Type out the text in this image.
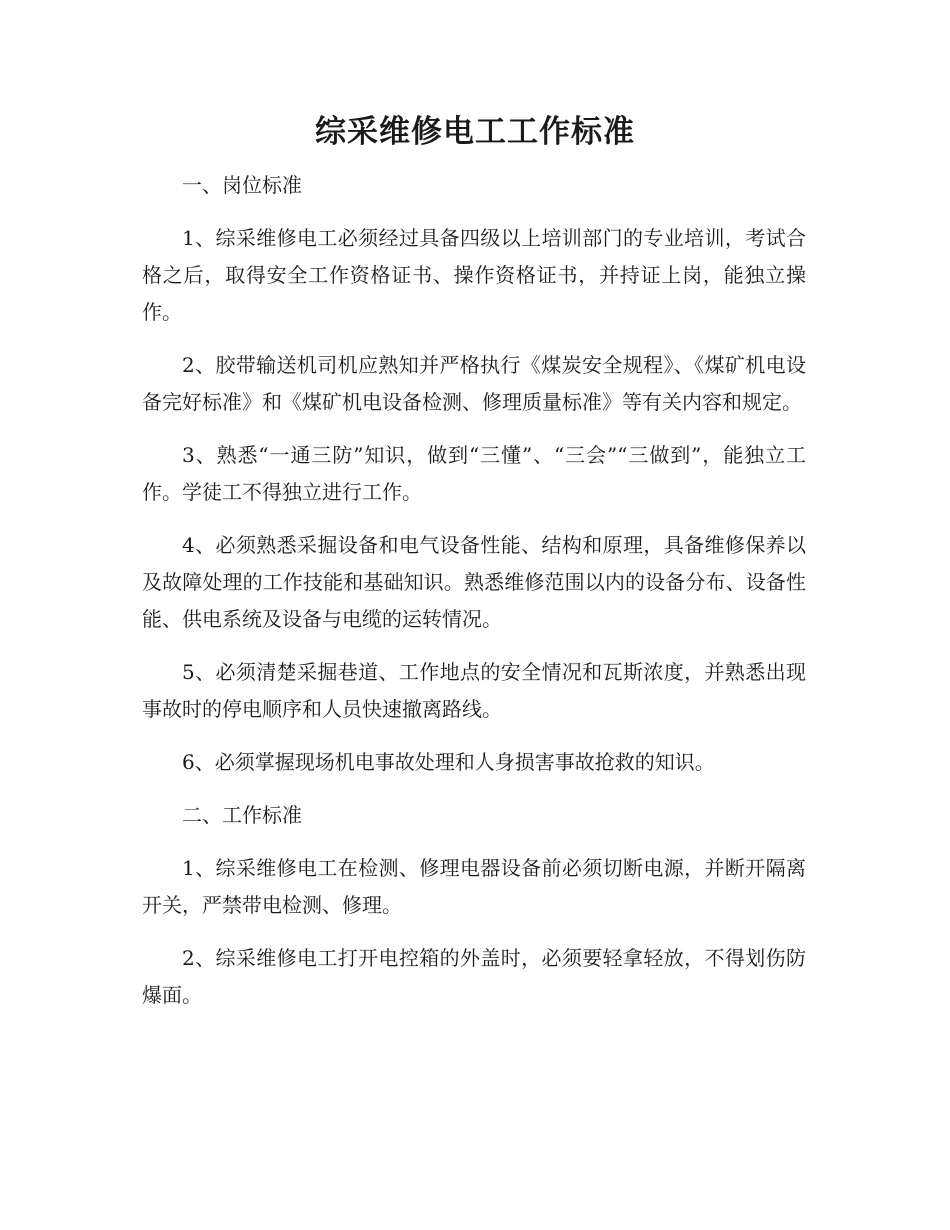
综采维修电工工作标准

一、岗位标准

1、综采维修电工必须经过具备四级以上培训部门的专业培训，考试合格之后，取得安全工作资格证书、操作资格证书，并持证上岗，能独立操作。

2、胶带输送机司机应熟知并严格执行《煤炭安全规程》、《煤矿机电设备完好标准》和《煤矿机电设备检测、修理质量标准》等有关内容和规定。

3、熟悉“一通三防”知识，做到“三懂”、“三会”“三做到”，能独立工作。学徒工不得独立进行工作。

4、必须熟悉采掘设备和电气设备性能、结构和原理，具备维修保养以及故障处理的工作技能和基础知识。熟悉维修范围以内的设备分布、设备性能、供电系统及设备与电缆的运转情况。

5、必须清楚采掘巷道、工作地点的安全情况和瓦斯浓度，并熟悉出现事故时的停电顺序和人员快速撤离路线。

6、必须掌握现场机电事故处理和人身损害事故抢救的知识。

二、工作标准

1、综采维修电工在检测、修理电器设备前必须切断电源，并断开隔离开关，严禁带电检测、修理。

2、综采维修电工打开电控箱的外盖时，必须要轻拿轻放，不得划伤防爆面。
